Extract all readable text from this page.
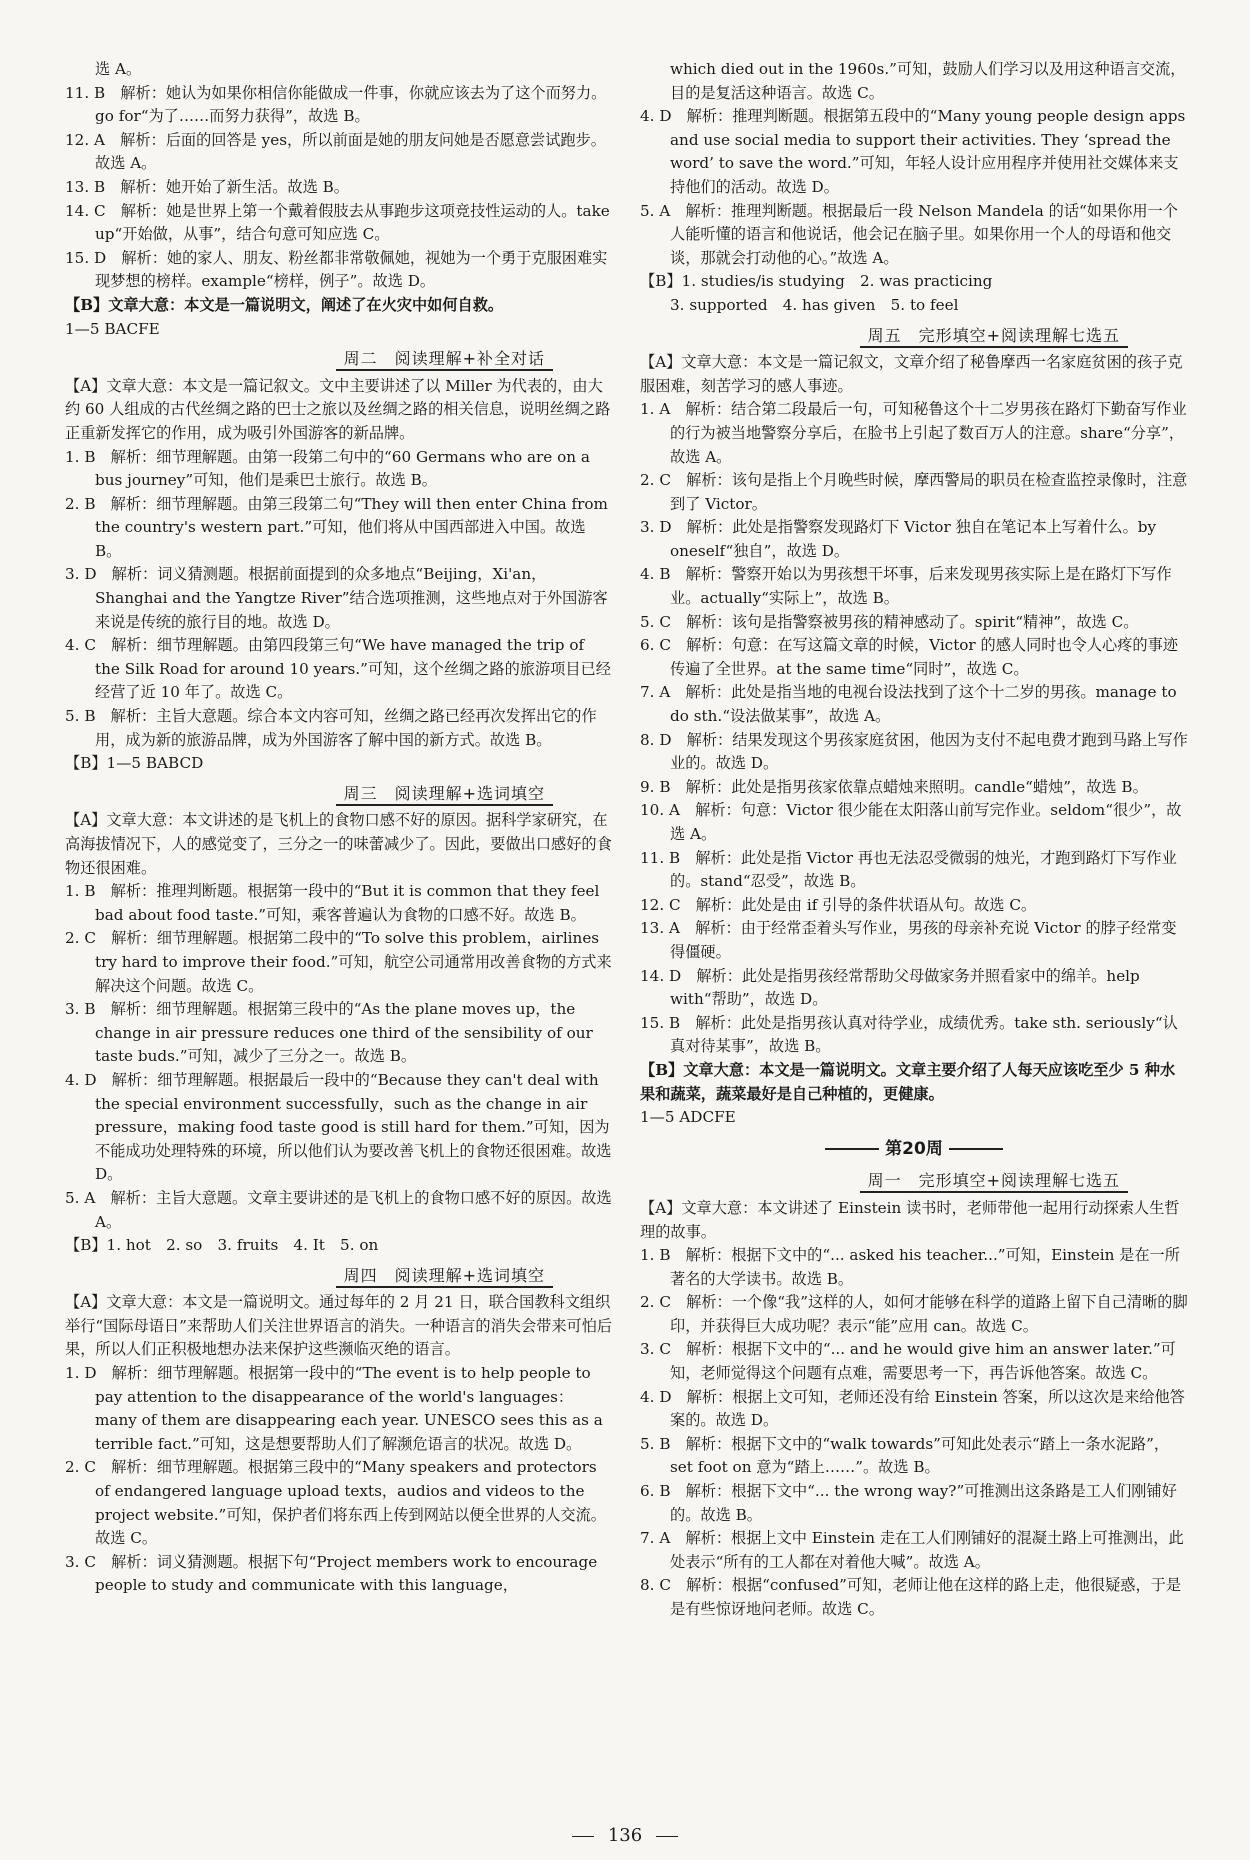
选 A。

11. B　解析：她认为如果你相信你能做成一件事，你就应该去为了这个而努力。go for“为了……而努力获得”，故选 B。

12. A　解析：后面的回答是 yes，所以前面是她的朋友问她是否愿意尝试跑步。故选 A。

13. B　解析：她开始了新生活。故选 B。

14. C　解析：她是世界上第一个戴着假肢去从事跑步这项竞技性运动的人。take up“开始做，从事”，结合句意可知应选 C。

15. D　解析：她的家人、朋友、粉丝都非常敬佩她，视她为一个勇于克服困难实现梦想的榜样。example“榜样，例子”。故选 D。

【B】文章大意：本文是一篇说明文，阐述了在火灾中如何自救。

1—5 BACFE

周二　阅读理解+补全对话

【A】文章大意：本文是一篇记叙文。文中主要讲述了以 Miller 为代表的，由大约 60 人组成的古代丝绸之路的巴士之旅以及丝绸之路的相关信息，说明丝绸之路正重新发挥它的作用，成为吸引外国游客的新品牌。

1. B　解析：细节理解题。由第一段第二句中的“60 Germans who are on a bus journey”可知，他们是乘巴士旅行。故选 B。

2. B　解析：细节理解题。由第三段第二句“They will then enter China from the country's western part.”可知，他们将从中国西部进入中国。故选 B。

3. D　解析：词义猜测题。根据前面提到的众多地点“Beijing，Xi'an，Shanghai and the Yangtze River”结合选项推测，这些地点对于外国游客来说是传统的旅行目的地。故选 D。

4. C　解析：细节理解题。由第四段第三句“We have managed the trip of the Silk Road for around 10 years.”可知，这个丝绸之路的旅游项目已经经营了近 10 年了。故选 C。

5. B　解析：主旨大意题。综合本文内容可知，丝绸之路已经再次发挥出它的作用，成为新的旅游品牌，成为外国游客了解中国的新方式。故选 B。

【B】1—5 BABCD

周三　阅读理解+选词填空

【A】文章大意：本文讲述的是飞机上的食物口感不好的原因。据科学家研究，在高海拔情况下，人的感觉变了，三分之一的味蕾减少了。因此，要做出口感好的食物还很困难。

1. B　解析：推理判断题。根据第一段中的“But it is common that they feel bad about food taste.”可知，乘客普遍认为食物的口感不好。故选 B。

2. C　解析：细节理解题。根据第二段中的“To solve this problem，airlines try hard to improve their food.”可知，航空公司通常用改善食物的方式来解决这个问题。故选 C。

3. B　解析：细节理解题。根据第三段中的“As the plane moves up，the change in air pressure reduces one third of the sensibility of our taste buds.”可知，减少了三分之一。故选 B。

4. D　解析：细节理解题。根据最后一段中的“Because they can't deal with the special environment successfully，such as the change in air pressure，making food taste good is still hard for them.”可知，因为不能成功处理特殊的环境，所以他们认为要改善飞机上的食物还很困难。故选 D。

5. A　解析：主旨大意题。文章主要讲述的是飞机上的食物口感不好的原因。故选 A。

【B】1. hot　2. so　3. fruits　4. It　5. on

周四　阅读理解+选词填空

【A】文章大意：本文是一篇说明文。通过每年的 2 月 21 日，联合国教科文组织举行“国际母语日”来帮助人们关注世界语言的消失。一种语言的消失会带来可怕后果，所以人们正积极地想办法来保护这些濒临灭绝的语言。

1. D　解析：细节理解题。根据第一段中的“The event is to help people to pay attention to the disappearance of the world's languages：many of them are disappearing each year. UNESCO sees this as a terrible fact.”可知，这是想要帮助人们了解濒危语言的状况。故选 D。

2. C　解析：细节理解题。根据第三段中的“Many speakers and protectors of endangered language upload texts，audios and videos to the project website.”可知，保护者们将东西上传到网站以便全世界的人交流。故选 C。

3. C　解析：词义猜测题。根据下句“Project members work to encourage people to study and communicate with this language，

which died out in the 1960s.”可知，鼓励人们学习以及用这种语言交流，目的是复活这种语言。故选 C。

4. D　解析：推理判断题。根据第五段中的“Many young people design apps and use social media to support their activities. They ‘spread the word’ to save the word.”可知，年轻人设计应用程序并使用社交媒体来支持他们的活动。故选 D。

5. A　解析：推理判断题。根据最后一段 Nelson Mandela 的话“如果你用一个人能听懂的语言和他说话，他会记在脑子里。如果你用一个人的母语和他交谈，那就会打动他的心。”故选 A。

【B】1. studies/is studying　2. was practicing

3. supported　4. has given　5. to feel

周五　完形填空+阅读理解七选五

【A】文章大意：本文是一篇记叙文，文章介绍了秘鲁摩西一名家庭贫困的孩子克服困难，刻苦学习的感人事迹。

1. A　解析：结合第二段最后一句，可知秘鲁这个十二岁男孩在路灯下勤奋写作业的行为被当地警察分享后，在脸书上引起了数百万人的注意。share“分享”，故选 A。

2. C　解析：该句是指上个月晚些时候，摩西警局的职员在检查监控录像时，注意到了 Victor。

3. D　解析：此处是指警察发现路灯下 Victor 独自在笔记本上写着什么。by oneself“独自”，故选 D。

4. B　解析：警察开始以为男孩想干坏事，后来发现男孩实际上是在路灯下写作业。actually“实际上”，故选 B。

5. C　解析：该句是指警察被男孩的精神感动了。spirit“精神”，故选 C。

6. C　解析：句意：在写这篇文章的时候，Victor 的感人同时也令人心疼的事迹传遍了全世界。at the same time“同时”，故选 C。

7. A　解析：此处是指当地的电视台设法找到了这个十二岁的男孩。manage to do sth.“设法做某事”，故选 A。

8. D　解析：结果发现这个男孩家庭贫困，他因为支付不起电费才跑到马路上写作业的。故选 D。

9. B　解析：此处是指男孩家依靠点蜡烛来照明。candle“蜡烛”，故选 B。

10. A　解析：句意：Victor 很少能在太阳落山前写完作业。seldom“很少”，故选 A。

11. B　解析：此处是指 Victor 再也无法忍受微弱的烛光，才跑到路灯下写作业的。stand“忍受”，故选 B。

12. C　解析：此处是由 if 引导的条件状语从句。故选 C。

13. A　解析：由于经常歪着头写作业，男孩的母亲补充说 Victor 的脖子经常变得僵硬。

14. D　解析：此处是指男孩经常帮助父母做家务并照看家中的绵羊。help with“帮助”，故选 D。

15. B　解析：此处是指男孩认真对待学业，成绩优秀。take sth. seriously“认真对待某事”，故选 B。

【B】文章大意：本文是一篇说明文。文章主要介绍了人每天应该吃至少 5 种水果和蔬菜，蔬菜最好是自己种植的，更健康。

1—5 ADCFE

第20周
周一　完形填空+阅读理解七选五

【A】文章大意：本文讲述了 Einstein 读书时，老师带他一起用行动探索人生哲理的故事。

1. B　解析：根据下文中的“... asked his teacher...”可知，Einstein 是在一所著名的大学读书。故选 B。

2. C　解析：一个像“我”这样的人，如何才能够在科学的道路上留下自己清晰的脚印，并获得巨大成功呢？表示“能”应用 can。故选 C。

3. C　解析：根据下文中的“... and he would give him an answer later.”可知，老师觉得这个问题有点难，需要思考一下，再告诉他答案。故选 C。

4. D　解析：根据上文可知，老师还没有给 Einstein 答案，所以这次是来给他答案的。故选 D。

5. B　解析：根据下文中的“walk towards”可知此处表示“踏上一条水泥路”，set foot on 意为“踏上……”。故选 B。

6. B　解析：根据下文中“... the wrong way?”可推测出这条路是工人们刚铺好的。故选 B。

7. A　解析：根据上文中 Einstein 走在工人们刚铺好的混凝土路上可推测出，此处表示“所有的工人都在对着他大喊”。故选 A。

8. C　解析：根据“confused”可知，老师让他在这样的路上走，他很疑惑，于是是有些惊讶地问老师。故选 C。

136
